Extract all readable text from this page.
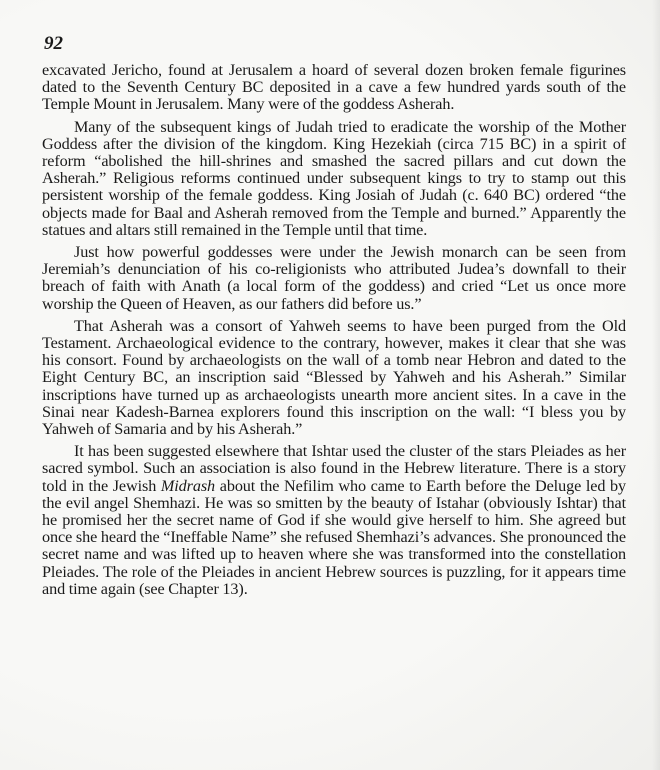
92

excavated Jericho, found at Jerusalem a hoard of several dozen broken female figurines dated to the Seventh Century BC deposited in a cave a few hundred yards south of the Temple Mount in Jerusalem. Many were of the goddess Asherah.

Many of the subsequent kings of Judah tried to eradicate the worship of the Mother Goddess after the division of the kingdom. King Hezekiah (circa 715 BC) in a spirit of reform “abolished the hill-shrines and smashed the sacred pillars and cut down the Asherah.” Religious reforms continued under subsequent kings to try to stamp out this persistent worship of the female goddess. King Josiah of Judah (c. 640 BC) ordered “the objects made for Baal and Asherah removed from the Temple and burned.” Apparently the statues and altars still remained in the Temple until that time.

Just how powerful goddesses were under the Jewish monarch can be seen from Jeremiah’s denunciation of his co-religionists who attributed Judea’s downfall to their breach of faith with Anath (a local form of the goddess) and cried “Let us once more worship the Queen of Heaven, as our fathers did before us.”

That Asherah was a consort of Yahweh seems to have been purged from the Old Testament. Archaeological evidence to the contrary, however, makes it clear that she was his consort. Found by archaeologists on the wall of a tomb near Hebron and dated to the Eight Century BC, an inscription said “Blessed by Yahweh and his Asherah.” Similar inscriptions have turned up as archaeologists unearth more ancient sites. In a cave in the Sinai near Kadesh-Barnea explorers found this inscription on the wall: “I bless you by Yahweh of Samaria and by his Asherah.”

It has been suggested elsewhere that Ishtar used the cluster of the stars Pleiades as her sacred symbol. Such an association is also found in the Hebrew literature. There is a story told in the Jewish Midrash about the Nefilim who came to Earth before the Deluge led by the evil angel Shemhazi. He was so smitten by the beauty of Istahar (obviously Ishtar) that he promised her the secret name of God if she would give herself to him. She agreed but once she heard the “Ineffable Name” she refused Shemhazi’s advances. She pronounced the secret name and was lifted up to heaven where she was transformed into the constellation Pleiades. The role of the Pleiades in ancient Hebrew sources is puzzling, for it appears time and time again (see Chapter 13).
